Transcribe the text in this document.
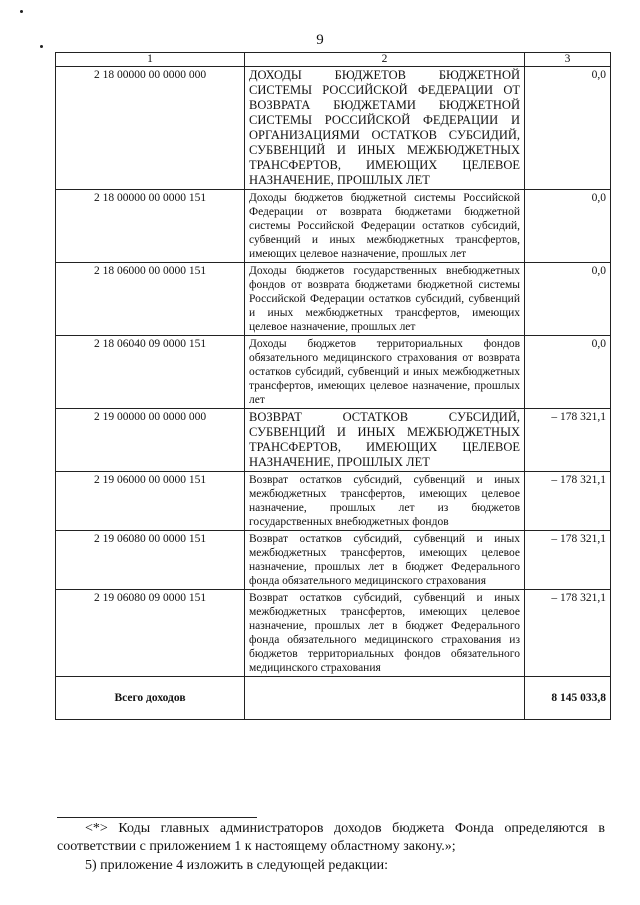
9
1	2	3
2 18 00000 00 0000 000	ДОХОДЫ БЮДЖЕТОВ БЮДЖЕТНОЙ СИСТЕМЫ РОССИЙСКОЙ ФЕДЕРАЦИИ ОТ ВОЗВРАТА БЮДЖЕТАМИ БЮДЖЕТНОЙ СИСТЕМЫ РОССИЙСКОЙ ФЕДЕРАЦИИ И ОРГАНИЗАЦИЯМИ ОСТАТКОВ СУБСИДИЙ, СУБВЕНЦИЙ И ИНЫХ МЕЖБЮДЖЕТНЫХ ТРАНСФЕРТОВ, ИМЕЮЩИХ ЦЕЛЕВОЕ НАЗНАЧЕНИЕ, ПРОШЛЫХ ЛЕТ	0,0
2 18 00000 00 0000 151	Доходы бюджетов бюджетной системы Российской Федерации от возврата бюджетами бюджетной системы Российской Федерации остатков субсидий, субвенций и иных межбюджетных трансфертов, имеющих целевое назначение, прошлых лет	0,0
2 18 06000 00 0000 151	Доходы бюджетов государственных внебюджетных фондов от возврата бюджетами бюджетной системы Российской Федерации остатков субсидий, субвенций и иных межбюджетных трансфертов, имеющих целевое назначение, прошлых лет	0,0
2 18 06040 09 0000 151	Доходы бюджетов территориальных фондов обязательного медицинского страхования от возврата остатков субсидий, субвенций и иных межбюджетных трансфертов, имеющих целевое назначение, прошлых лет	0,0
2 19 00000 00 0000 000	ВОЗВРАТ ОСТАТКОВ СУБСИДИЙ, СУБВЕНЦИЙ И ИНЫХ МЕЖБЮДЖЕТНЫХ ТРАНСФЕРТОВ, ИМЕЮЩИХ ЦЕЛЕВОЕ НАЗНАЧЕНИЕ, ПРОШЛЫХ ЛЕТ	– 178 321,1
2 19 06000 00 0000 151	Возврат остатков субсидий, субвенций и иных межбюджетных трансфертов, имеющих целевое назначение, прошлых лет из бюджетов государственных внебюджетных фондов	– 178 321,1
2 19 06080 00 0000 151	Возврат остатков субсидий, субвенций и иных межбюджетных трансфертов, имеющих целевое назначение, прошлых лет в бюджет Федерального фонда обязательного медицинского страхования	– 178 321,1
2 19 06080 09 0000 151	Возврат остатков субсидий, субвенций и иных межбюджетных трансфертов, имеющих целевое назначение, прошлых лет в бюджет Федерального фонда обязательного медицинского страхования из бюджетов территориальных фондов обязательного медицинского страхования	– 178 321,1
Всего доходов		8 145 033,8
<*> Коды главных администраторов доходов бюджета Фонда определяются в соответствии с приложением 1 к настоящему областному закону.»;
5) приложение 4 изложить в следующей редакции:
